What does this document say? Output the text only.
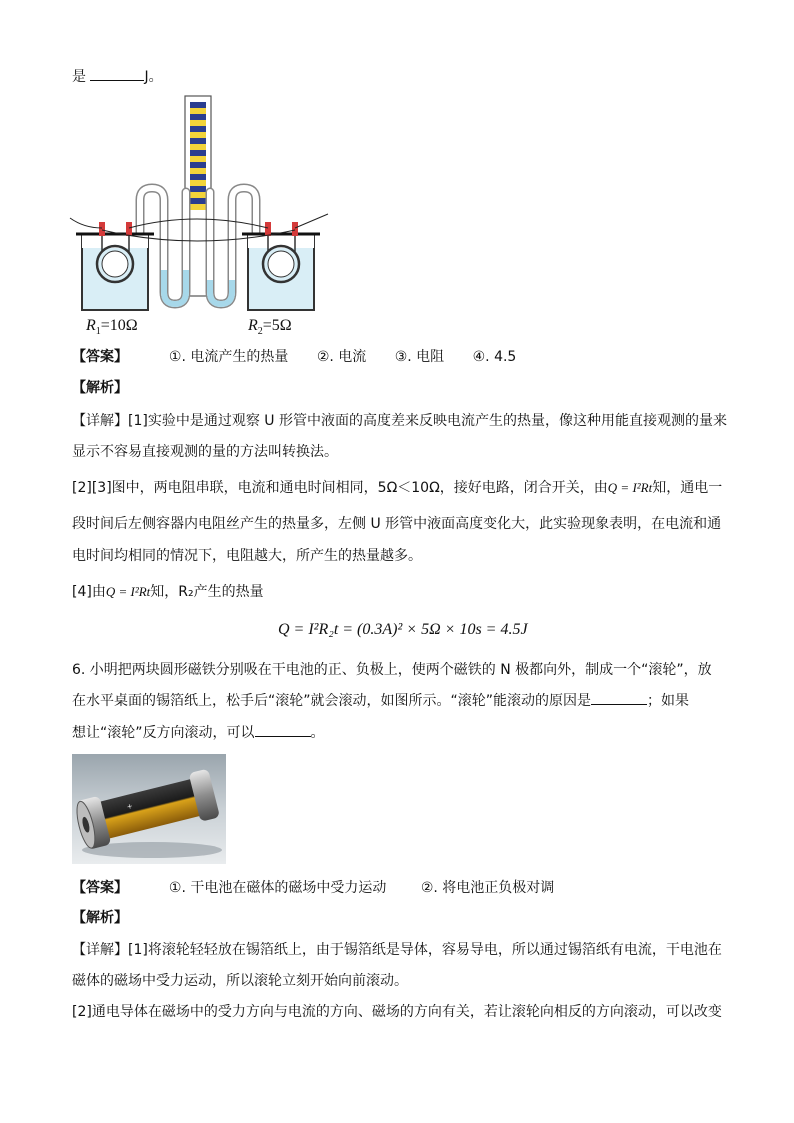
是	J。
$R_1=10\Omega$	$R_2=5\Omega$
【答案】	①. 电流产生的热量 ②. 电流 ③. 电阻 ④. 4.5
【解析】
【详解】[1]实验中是通过观察 U 形管中液面的高度差来反映电流产生的热量，像这种用能直接观测的量来
显示不容易直接观测的量的方法叫转换法。
[2][3]图中，两电阻串联，电流和通电时间相同，5Ω＜10Ω，接好电路，闭合开关，由Q = I²Rt知，通电一
段时间后左侧容器内电阻丝产生的热量多，左侧 U 形管中液面高度变化大，此实验现象表明，在电流和通
电时间均相同的情况下，电阻越大，所产生的热量越多。
[4]由Q = I²Rt知，R₂产生的热量
Q = I²R₂t = (0.3A)² × 5Ω × 10s = 4.5J
6. 小明把两块圆形磁铁分别吸在干电池的正、负极上，使两个磁铁的 N 极都向外，制成一个“滚轮”，放
在水平桌面的锡箔纸上，松手后“滚轮”就会滚动，如图所示。“滚轮”能滚动的原因是	；如果
想让“滚轮”反方向滚动，可以	。
+
【答案】	①. 干电池在磁体的磁场中受力运动 ②. 将电池正负极对调
【解析】
【详解】[1]将滚轮轻轻放在锡箔纸上，由于锡箔纸是导体，容易导电，所以通过锡箔纸有电流，干电池在
磁体的磁场中受力运动，所以滚轮立刻开始向前滚动。
[2]通电导体在磁场中的受力方向与电流的方向、磁场的方向有关，若让滚轮向相反的方向滚动，可以改变
